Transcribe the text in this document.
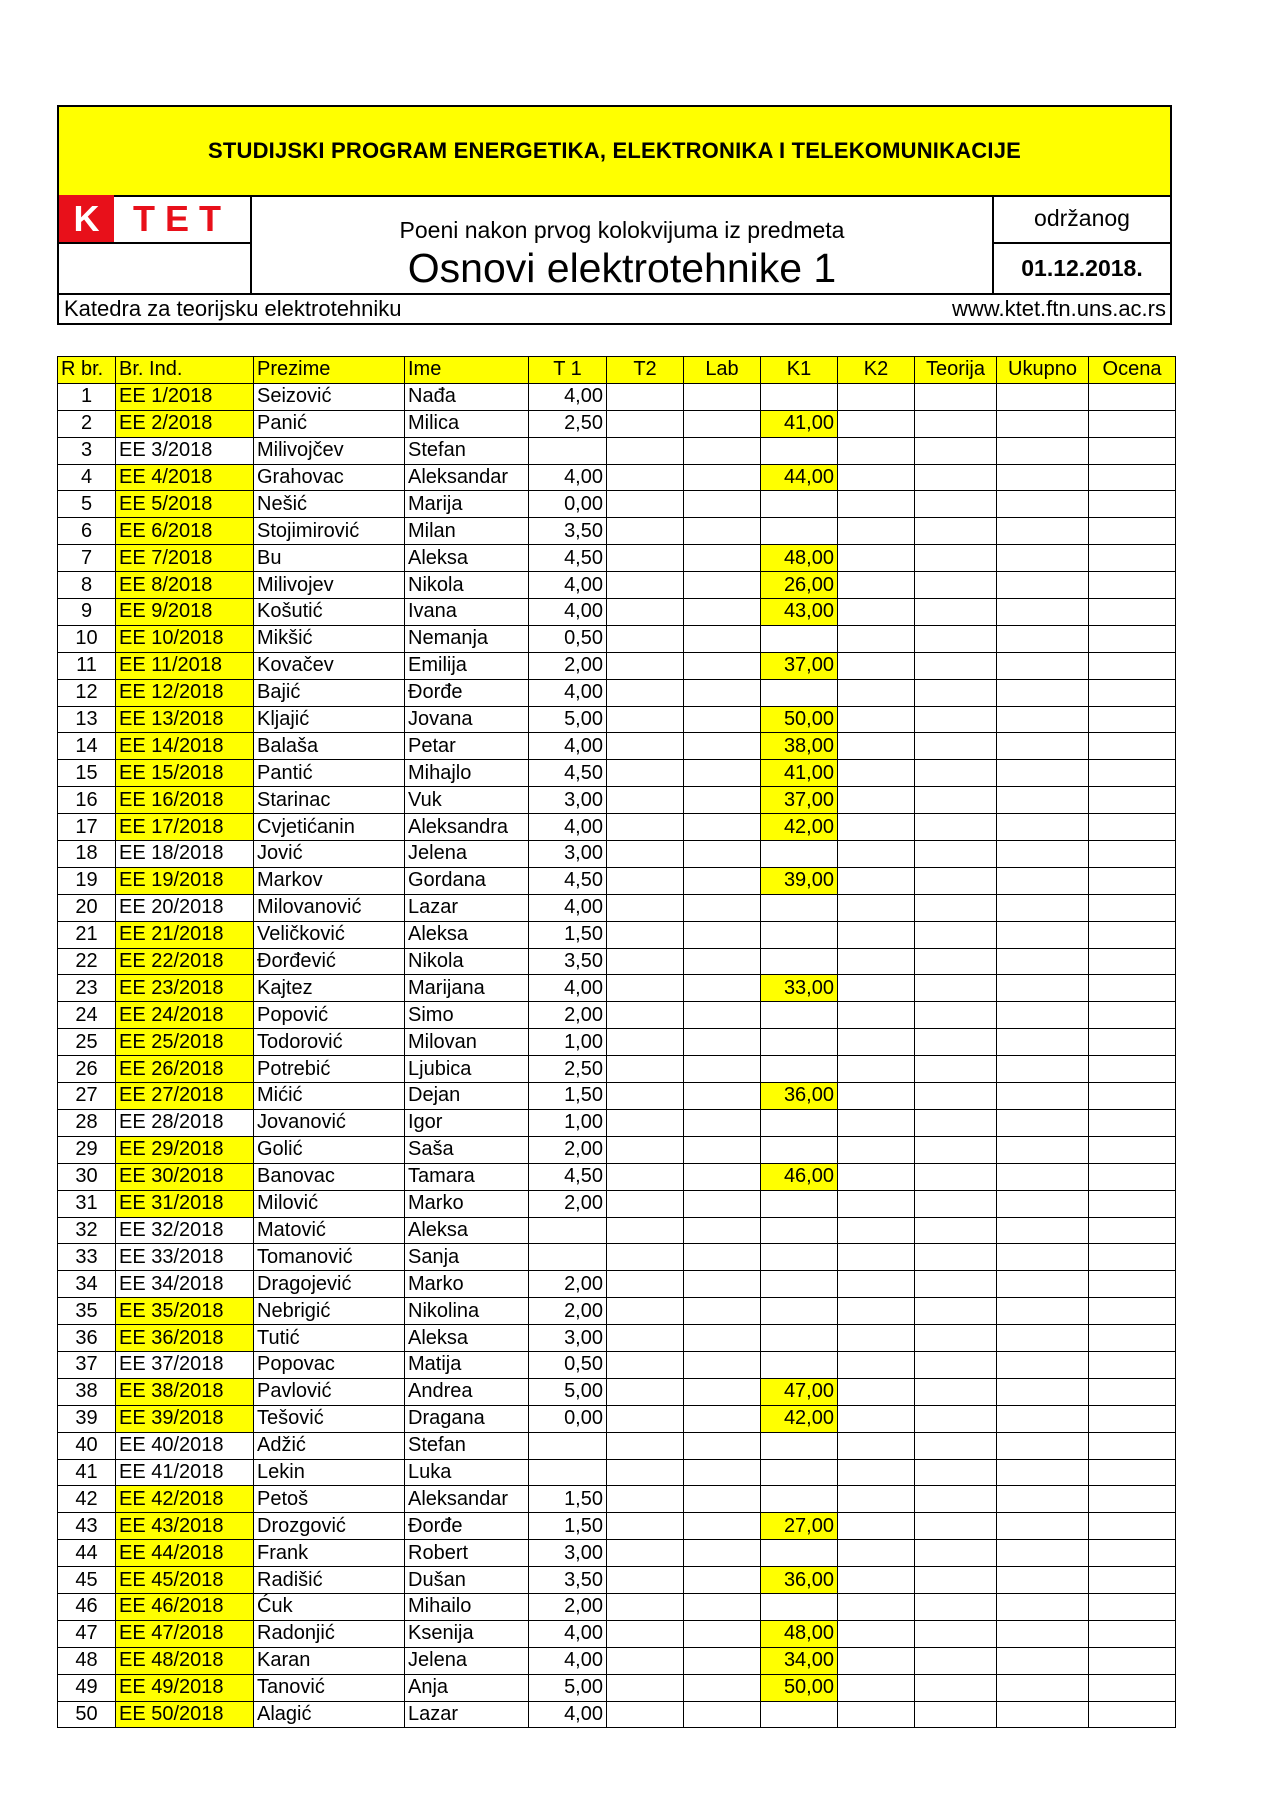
STUDIJSKI PROGRAM ENERGETIKA, ELEKTRONIKA I TELEKOMUNIKACIJE
K TET	Poeni nakon prvog kolokvijuma iz predmeta
Osnovi elektrotehnike 1
održanog
01.12.2018.
Katedra za teorijsku elektrotehniku	www.ktet.ftn.uns.ac.rs
R br.	Br. Ind.	Prezime	Ime	T 1	T2	Lab	K1	K2	Teorija	Ukupno	Ocena
1	EE 1/2018	Seizović	Nađa	4,00							
2	EE 2/2018	Panić	Milica	2,50			41,00				
3	EE 3/2018	Milivojčev	Stefan								
4	EE 4/2018	Grahovac	Aleksandar	4,00			44,00				
5	EE 5/2018	Nešić	Marija	0,00							
6	EE 6/2018	Stojimirović	Milan	3,50							
7	EE 7/2018	Bu	Aleksa	4,50			48,00				
8	EE 8/2018	Milivojev	Nikola	4,00			26,00				
9	EE 9/2018	Košutić	Ivana	4,00			43,00				
10	EE 10/2018	Mikšić	Nemanja	0,50							
11	EE 11/2018	Kovačev	Emilija	2,00			37,00				
12	EE 12/2018	Bajić	Đorđe	4,00							
13	EE 13/2018	Kljajić	Jovana	5,00			50,00				
14	EE 14/2018	Balaša	Petar	4,00			38,00				
15	EE 15/2018	Pantić	Mihajlo	4,50			41,00				
16	EE 16/2018	Starinac	Vuk	3,00			37,00				
17	EE 17/2018	Cvjetićanin	Aleksandra	4,00			42,00				
18	EE 18/2018	Jović	Jelena	3,00							
19	EE 19/2018	Markov	Gordana	4,50			39,00				
20	EE 20/2018	Milovanović	Lazar	4,00							
21	EE 21/2018	Veličković	Aleksa	1,50							
22	EE 22/2018	Đorđević	Nikola	3,50							
23	EE 23/2018	Kajtez	Marijana	4,00			33,00				
24	EE 24/2018	Popović	Simo	2,00							
25	EE 25/2018	Todorović	Milovan	1,00							
26	EE 26/2018	Potrebić	Ljubica	2,50							
27	EE 27/2018	Mićić	Dejan	1,50			36,00				
28	EE 28/2018	Jovanović	Igor	1,00							
29	EE 29/2018	Golić	Saša	2,00							
30	EE 30/2018	Banovac	Tamara	4,50			46,00				
31	EE 31/2018	Milović	Marko	2,00							
32	EE 32/2018	Matović	Aleksa								
33	EE 33/2018	Tomanović	Sanja								
34	EE 34/2018	Dragojević	Marko	2,00							
35	EE 35/2018	Nebrigić	Nikolina	2,00							
36	EE 36/2018	Tutić	Aleksa	3,00							
37	EE 37/2018	Popovac	Matija	0,50							
38	EE 38/2018	Pavlović	Andrea	5,00			47,00				
39	EE 39/2018	Tešović	Dragana	0,00			42,00				
40	EE 40/2018	Adžić	Stefan								
41	EE 41/2018	Lekin	Luka								
42	EE 42/2018	Petoš	Aleksandar	1,50							
43	EE 43/2018	Drozgović	Đorđe	1,50			27,00				
44	EE 44/2018	Frank	Robert	3,00							
45	EE 45/2018	Radišić	Dušan	3,50			36,00				
46	EE 46/2018	Ćuk	Mihailo	2,00							
47	EE 47/2018	Radonjić	Ksenija	4,00			48,00				
48	EE 48/2018	Karan	Jelena	4,00			34,00				
49	EE 49/2018	Tanović	Anja	5,00			50,00				
50	EE 50/2018	Alagić	Lazar	4,00							
